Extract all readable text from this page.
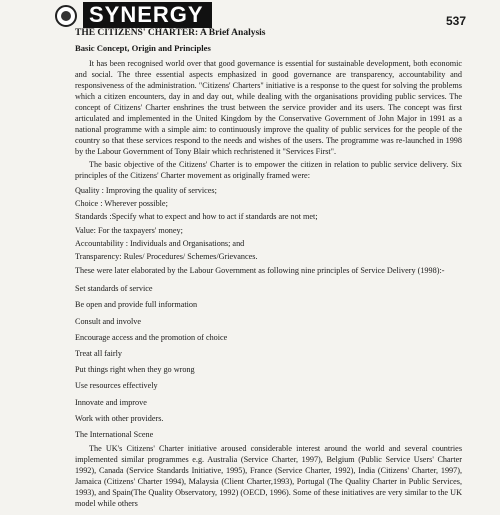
SYNERGY	537
THE CITIZENS' CHARTER: A Brief Analysis
Basic Concept, Origin and Principles

It has been recognised world over that good governance is essential for sustainable development, both economic and social. The three essential aspects emphasized in good governance are transparency, accountability and responsiveness of the administration. "Citizens' Charters" initiative is a response to the quest for solving the problems which a citizen encounters, day in and day out, while dealing with the organisations providing public services. The concept of Citizens' Charter enshrines the trust between the service provider and its users. The concept was first articulated and implemented in the United Kingdom by the Conservative Government of John Major in 1991 as a national programme with a simple aim: to continuously improve the quality of public services for the people of the country so that these services respond to the needs and wishes of the users. The programme was re-launched in 1998 by the Labour Government of Tony Blair which rechristened it "Services First".

The basic objective of the Citizens' Charter is to empower the citizen in relation to public service delivery. Six principles of the Citizens' Charter movement as originally framed were:

Quality : Improving the quality of services;
Choice : Wherever possible;
Standards :Specify what to expect and how to act if standards are not met;
Value: For the taxpayers' money;
Accountability : Individuals and Organisations; and
Transparency: Rules/ Procedures/ Schemes/Grievances.

These were later elaborated by the Labour Government as following nine principles of Service Delivery (1998):-

Set standards of service
Be open and provide full information
Consult and involve
Encourage access and the promotion of choice
Treat all fairly
Put things right when they go wrong
Use resources effectively
Innovate and improve
Work with other providers.
The International Scene

The UK's Citizens' Charter initiative aroused considerable interest around the world and several countries implemented similar programmes e.g. Australia (Service Charter, 1997), Belgium (Public Service Users' Charter 1992), Canada (Service Standards Initiative, 1995), France (Service Charter, 1992), India (Citizens' Charter, 1997), Jamaica (Citizens' Charter 1994), Malaysia (Client Charter,1993), Portugal (The Quality Charter in Public Services, 1993), and Spain(The Quality Observatory, 1992) (OECD, 1996). Some of these initiatives are very similar to the UK model while others
